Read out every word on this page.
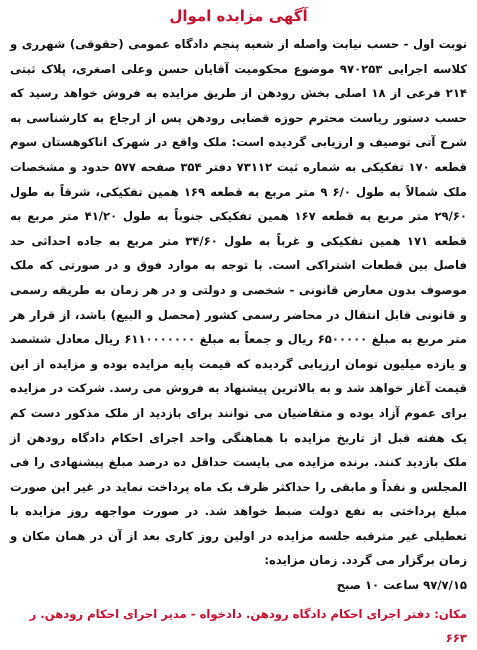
آگهی مزایده اموال

نوبت اول - حسب نیابت واصله از شعبه پنجم دادگاه عمومی (حقوقی) شهرری و کلاسه اجرایی ۹۷۰۲۵۳ موضوع محکومیت آقایان حسن وعلی اصغری، پلاک ثبتی ۲۱۴ فرعی از ۱۸ اصلی بخش رودهن از طریق مزایده به فروش خواهد رسید که حسب دستور ریاست محترم حوزه قضایی رودهن پس از ارجاع به کارشناسی به شرح آتی توصیف و ارزیابی گردیده است: ملک واقع در شهرک اناکوهستان سوم قطعه ۱۷۰ تفکیکی به شماره ثبت ۷۳۱۱۲ دفتر ۳۵۴ صفحه ۵۷۷ حدود و مشخصات ملک شمالاً به طول ۶/۰ ۹ متر مربع به قطعه ۱۶۹ همین تفکیکی، شرقاً به طول ۲۹/۶۰ متر مربع به قطعه ۱۶۷ همین تفکیکی جنوباً به طول ۴۱/۲۰ متر مربع به قطعه ۱۷۱ همین تفکیکی و غرباً به طول ۳۴/۶۰ متر مربع به جاده احداثی حد فاصل بین قطعات اشتراکی است. با توجه به موارد فوق و در صورتی که ملک موصوف بدون معارض قانونی - شخصی و دولتی و در هر زمان به طریقه رسمی و قانونی قابل انتقال در محاضر رسمی کشور (محصل و البیع) باشد، از قرار هر متر مربع به مبلغ ۶۵۰۰۰۰۰ ریال و جمعاً به مبلغ ۶۱۱۰۰۰۰۰۰۰ ریال معادل ششصد و یازده میلیون تومان ارزیابی گردیده که قیمت پایه مزایده بوده و مزایده از این قیمت آغاز خواهد شد و به بالاترین پیشنهاد به فروش می رسد. شرکت در مزایده برای عموم آزاد بوده و متقاضیان می توانند برای بازدید از ملک مذکور دست کم یک هفته قبل از تاریخ مزایده با هماهنگی واحد اجرای احکام دادگاه رودهن از ملک بازدید کنند. برنده مزایده می بایست حداقل ده درصد مبلغ پیشنهادی را فی المجلس و نقداً و مابقی را حداکثر ظرف یک ماه پرداخت نماید در غیر این صورت مبلغ پرداختی به نفع دولت ضبط خواهد شد. در صورت مواجهه روز مزایده با تعطیلی غیر مترقبه جلسه مزایده در اولین روز کاری بعد از آن در همان مکان و زمان برگزار می گردد. زمان مزایده:

۹۷/۷/۱۵ ساعت ۱۰ صبح

مکان: دفتر اجرای احکام دادگاه رودهن. دادخواه - مدیر اجرای احکام رودهن. ر ۶۶۳
